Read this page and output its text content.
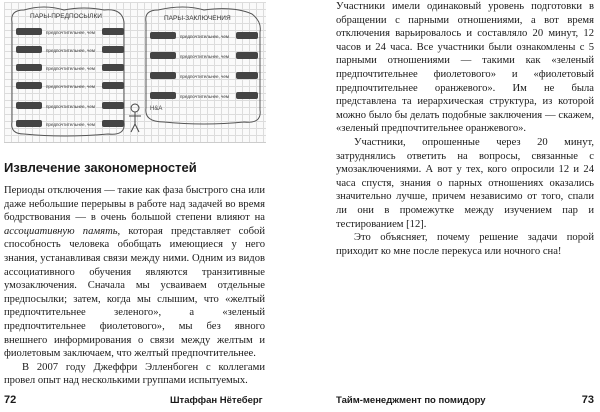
ПАРЫ-ПРЕДПОСЫЛКИ	ПАРЫ-ЗАКЛЮЧЕНИЯ
предпочтительнее, чем
предпочтительнее, чем
предпочтительнее, чем
предпочтительнее, чем
предпочтительнее, чем
предпочтительнее, чем
предпочтительнее, чем
предпочтительнее, чем
предпочтительнее, чем
предпочтительнее, чем
H&A
Извлечение закономерностей

Периоды отключения — такие как фаза быстрого сна или даже небольшие перерывы в работе над задачей во время бодрствования — в очень большой степени влияют на ассоциативную память, которая представляет собой способность человека обобщать имеющиеся у него знания, устанавливая связи между ними. Одним из видов ассоциативного обучения являются транзитивные умозаключения. Сначала мы усваиваем отдельные предпосылки; затем, когда мы слышим, что «желтый предпочтительнее зеленого», а «зеленый предпочтительнее фиолетового», мы без явного внешнего информирования о связи между желтым и фиолетовым заключаем, что желтый предпочтительнее.

В 2007 году Джеффри Элленбоген с коллегами провел опыт над несколькими группами испытуемых.

72	Штаффан Нётеберг

Участники имели одинаковый уровень подготовки в обращении с парными отношениями, а вот время отключения варьировалось и составляло 20 минут, 12 часов и 24 часа. Все участники были ознакомлены с 5 парными отношениями — такими как «зеленый предпочтительнее фиолетового» и «фиолетовый предпочтительнее оранжевого». Им не была представлена та иерархическая структура, из которой можно было бы делать подобные заключения — скажем, «зеленый предпочтительнее оранжевого».

Участники, опрошенные через 20 минут, затруднялись ответить на вопросы, связанные с умозаключениями. А вот у тех, кого опросили 12 и 24 часа спустя, знания о парных отношениях оказались значительно лучше, причем независимо от того, спали ли они в промежутке между изучением пар и тестированием [12].

Это объясняет, почему решение задачи порой приходит ко мне после перекуса или ночного сна!

Тайм-менеджмент по помидору	73
